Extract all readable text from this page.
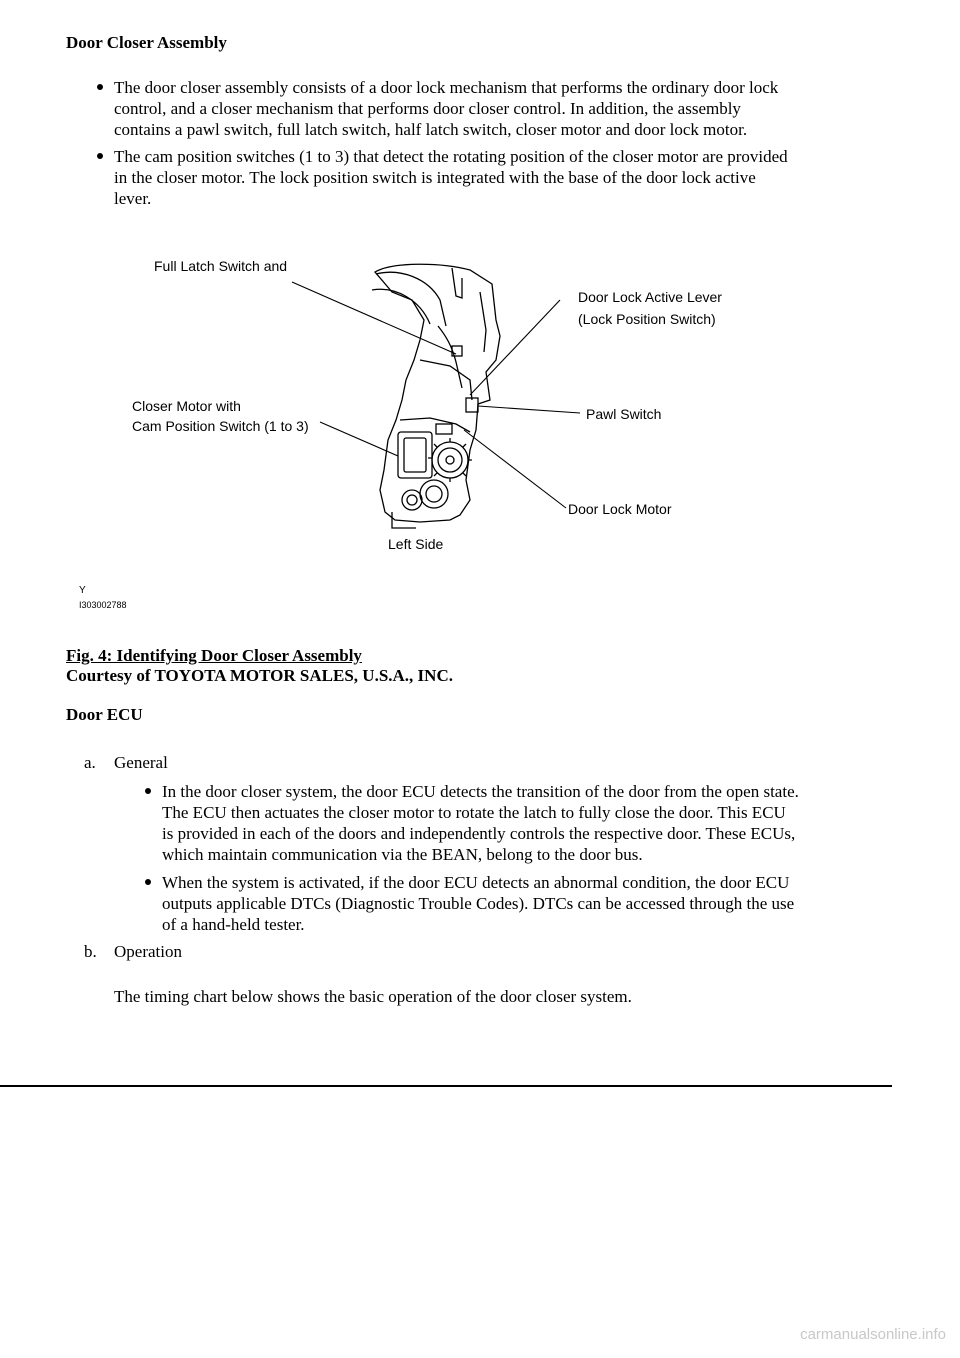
Door Closer Assembly
The door closer assembly consists of a door lock mechanism that performs the ordinary door lock
control, and a closer mechanism that performs door closer control. In addition, the assembly
contains a pawl switch, full latch switch, half latch switch, closer motor and door lock motor.
The cam position switches (1 to 3) that detect the rotating position of the closer motor are provided
in the closer motor. The lock position switch is integrated with the base of the door lock active
lever.
Full Latch Switch and
Door Lock Active Lever
(Lock Position Switch)
Closer Motor with
Cam Position Switch (1 to 3)
Pawl Switch
Door Lock Motor
Left Side
Y
I303002788
Fig. 4: Identifying Door Closer Assembly
Courtesy of TOYOTA MOTOR SALES, U.S.A., INC.
Door ECU
a. General
In the door closer system, the door ECU detects the transition of the door from the open state.
The ECU then actuates the closer motor to rotate the latch to fully close the door. This ECU
is provided in each of the doors and independently controls the respective door. These ECUs,
which maintain communication via the BEAN, belong to the door bus.
When the system is activated, if the door ECU detects an abnormal condition, the door ECU
outputs applicable DTCs (Diagnostic Trouble Codes). DTCs can be accessed through the use
of a hand-held tester.
b. Operation
The timing chart below shows the basic operation of the door closer system.
carmanualsonline.info
